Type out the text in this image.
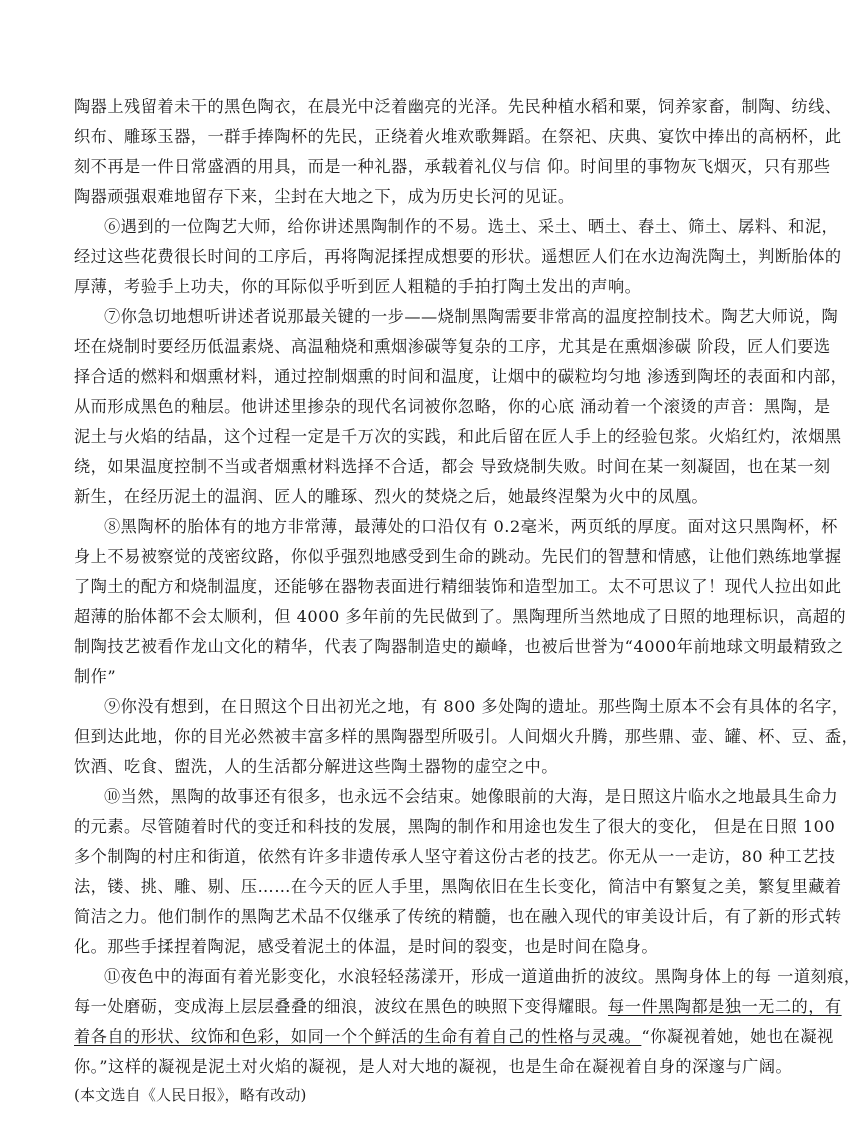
陶器上残留着未干的黑色陶衣，在晨光中泛着幽亮的光泽。先民种植水稻和粟，饲养家畜，制陶、纺线、
织布、雕琢玉器，一群手捧陶杯的先民，正绕着火堆欢歌舞蹈。在祭祀、庆典、宴饮中捧出的高柄杯，此
刻不再是一件日常盛酒的用具，而是一种礼器，承载着礼仪与信 仰。时间里的事物灰飞烟灭，只有那些
陶器顽强艰难地留存下来，尘封在大地之下，成为历史长河的见证。
⑥遇到的一位陶艺大师，给你讲述黑陶制作的不易。选土、采土、晒土、舂土、筛土、孱料、和泥，
经过这些花费很长时间的工序后，再将陶泥揉捏成想要的形状。遥想匠人们在水边淘洗陶土，判断胎体的
厚薄，考验手上功夫，你的耳际似乎听到匠人粗糙的手拍打陶土发出的声响。
⑦你急切地想听讲述者说那最关键的一步——烧制黑陶需要非常高的温度控制技术。陶艺大师说，陶
坯在烧制时要经历低温素烧、高温釉烧和熏烟渗碳等复杂的工序，尤其是在熏烟渗碳 阶段，匠人们要选
择合适的燃料和烟熏材料，通过控制烟熏的时间和温度，让烟中的碳粒均匀地 渗透到陶坯的表面和内部，
从而形成黑色的釉层。他讲述里掺杂的现代名词被你忽略，你的心底 涌动着一个滚烫的声音：黑陶，是
泥土与火焰的结晶，这个过程一定是千万次的实践，和此后留在匠人手上的经验包浆。火焰红灼，浓烟黑
绕，如果温度控制不当或者烟熏材料选择不合适，都会 导致烧制失败。时间在某一刻凝固，也在某一刻
新生，在经历泥土的温润、匠人的雕琢、烈火的焚烧之后，她最终涅槃为火中的凤凰。
⑧黑陶杯的胎体有的地方非常薄，最薄处的口沿仅有 0.2毫米，两页纸的厚度。面对这只黑陶杯，杯
身上不易被察觉的茂密纹路，你似乎强烈地感受到生命的跳动。先民们的智慧和情感，让他们熟练地掌握
了陶土的配方和烧制温度，还能够在器物表面进行精细装饰和造型加工。太不可思议了！现代人拉出如此
超薄的胎体都不会太顺利，但 4000 多年前的先民做到了。黑陶理所当然地成了日照的地理标识，高超的
制陶技艺被看作龙山文化的精华，代表了陶器制造史的巅峰，也被后世誉为“4000年前地球文明最精致之
制作”
⑨你没有想到，在日照这个日出初光之地，有 800 多处陶的遗址。那些陶土原本不会有具体的名字，
但到达此地，你的目光必然被丰富多样的黑陶器型所吸引。人间烟火升腾，那些鼎、壶、罐、杯、豆、盉，
饮酒、吃食、盥洗，人的生活都分解进这些陶土器物的虚空之中。
⑩当然，黑陶的故事还有很多，也永远不会结束。她像眼前的大海，是日照这片临水之地最具生命力
的元素。尽管随着时代的变迁和科技的发展，黑陶的制作和用途也发生了很大的变化， 但是在日照 100
多个制陶的村庄和街道，依然有许多非遗传承人坚守着这份古老的技艺。你无从一一走访，80 种工艺技
法，镂、挑、雕、剔、压……在今天的匠人手里，黑陶依旧在生长变化，简洁中有繁复之美，繁复里藏着
简洁之力。他们制作的黑陶艺术品不仅继承了传统的精髓，也在融入现代的审美设计后，有了新的形式转
化。那些手揉捏着陶泥，感受着泥土的体温，是时间的裂变，也是时间在隐身。
⑪夜色中的海面有着光影变化，水浪轻轻荡漾开，形成一道道曲折的波纹。黑陶身体上的每 一道刻痕，
每一处磨砺，变成海上层层叠叠的细浪，波纹在黑色的映照下变得耀眼。每一件黑陶都是独一无二的，有
着各自的形状、纹饰和色彩，如同一个个鲜活的生命有着自己的性格与灵魂。“你凝视着她，她也在凝视
你。”这样的凝视是泥土对火焰的凝视，是人对大地的凝视，也是生命在凝视着自身的深邃与广阔。
(本文选自《人民日报》，略有改动)
